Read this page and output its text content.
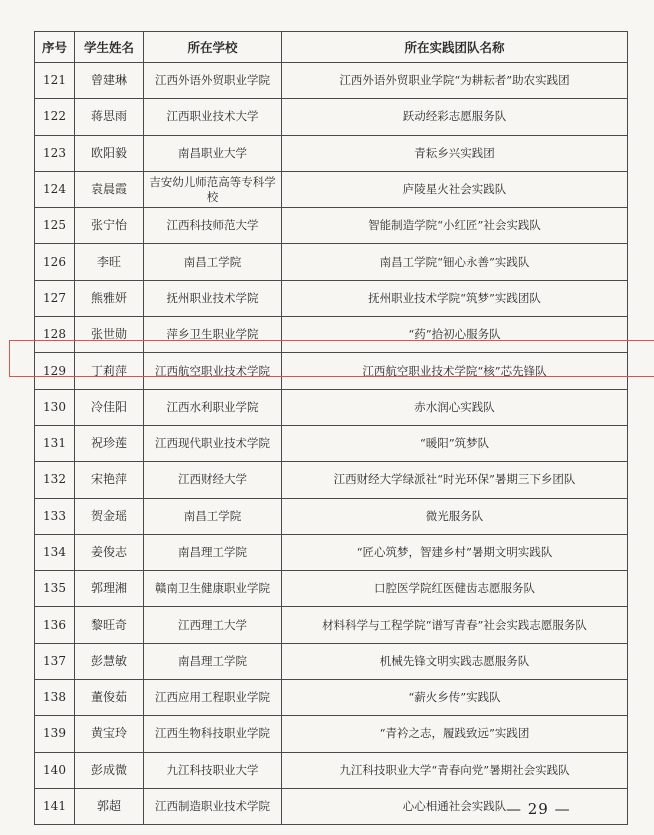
序号	学生姓名	所在学校	所在实践团队名称
121	曾建琳	江西外语外贸职业学院	江西外语外贸职业学院“为耕耘者”助农实践团
122	蒋思雨	江西职业技术大学	跃动经彩志愿服务队
123	欧阳毅	南昌职业大学	青耘乡兴实践团
124	袁晨霞	吉安幼儿师范高等专科学校	庐陵星火社会实践队
125	张宁怡	江西科技师范大学	智能制造学院“小红匠”社会实践队
126	李旺	南昌工学院	南昌工学院“钿心永善”实践队
127	熊雅妍	抚州职业技术学院	抚州职业技术学院“筑梦”实践团队
128	张世勋	萍乡卫生职业学院	“药”拾初心服务队
129	丁莉萍	江西航空职业技术学院	江西航空职业技术学院“核”芯先锋队
130	冷佳阳	江西水利职业学院	赤水润心实践队
131	祝珍莲	江西现代职业技术学院	“暖阳”筑梦队
132	宋艳萍	江西财经大学	江西财经大学绿派社“时光环保”暑期三下乡团队
133	贺金瑶	南昌工学院	微光服务队
134	姜俊志	南昌理工学院	“匠心筑梦，智建乡村”暑期文明实践队
135	郭理湘	赣南卫生健康职业学院	口腔医学院红医健齿志愿服务队
136	黎旺奇	江西理工大学	材料科学与工程学院“谱写青春”社会实践志愿服务队
137	彭慧敏	南昌理工学院	机械先锋文明实践志愿服务队
138	董俊茹	江西应用工程职业学院	“薪火乡传”实践队
139	黄宝玲	江西生物科技职业学院	“青衿之志，履践致远”实践团
140	彭成微	九江科技职业大学	九江科技职业大学“青春向党”暑期社会实践队
141	郭超	江西制造职业技术学院	心心相通社会实践队 — 29 —
